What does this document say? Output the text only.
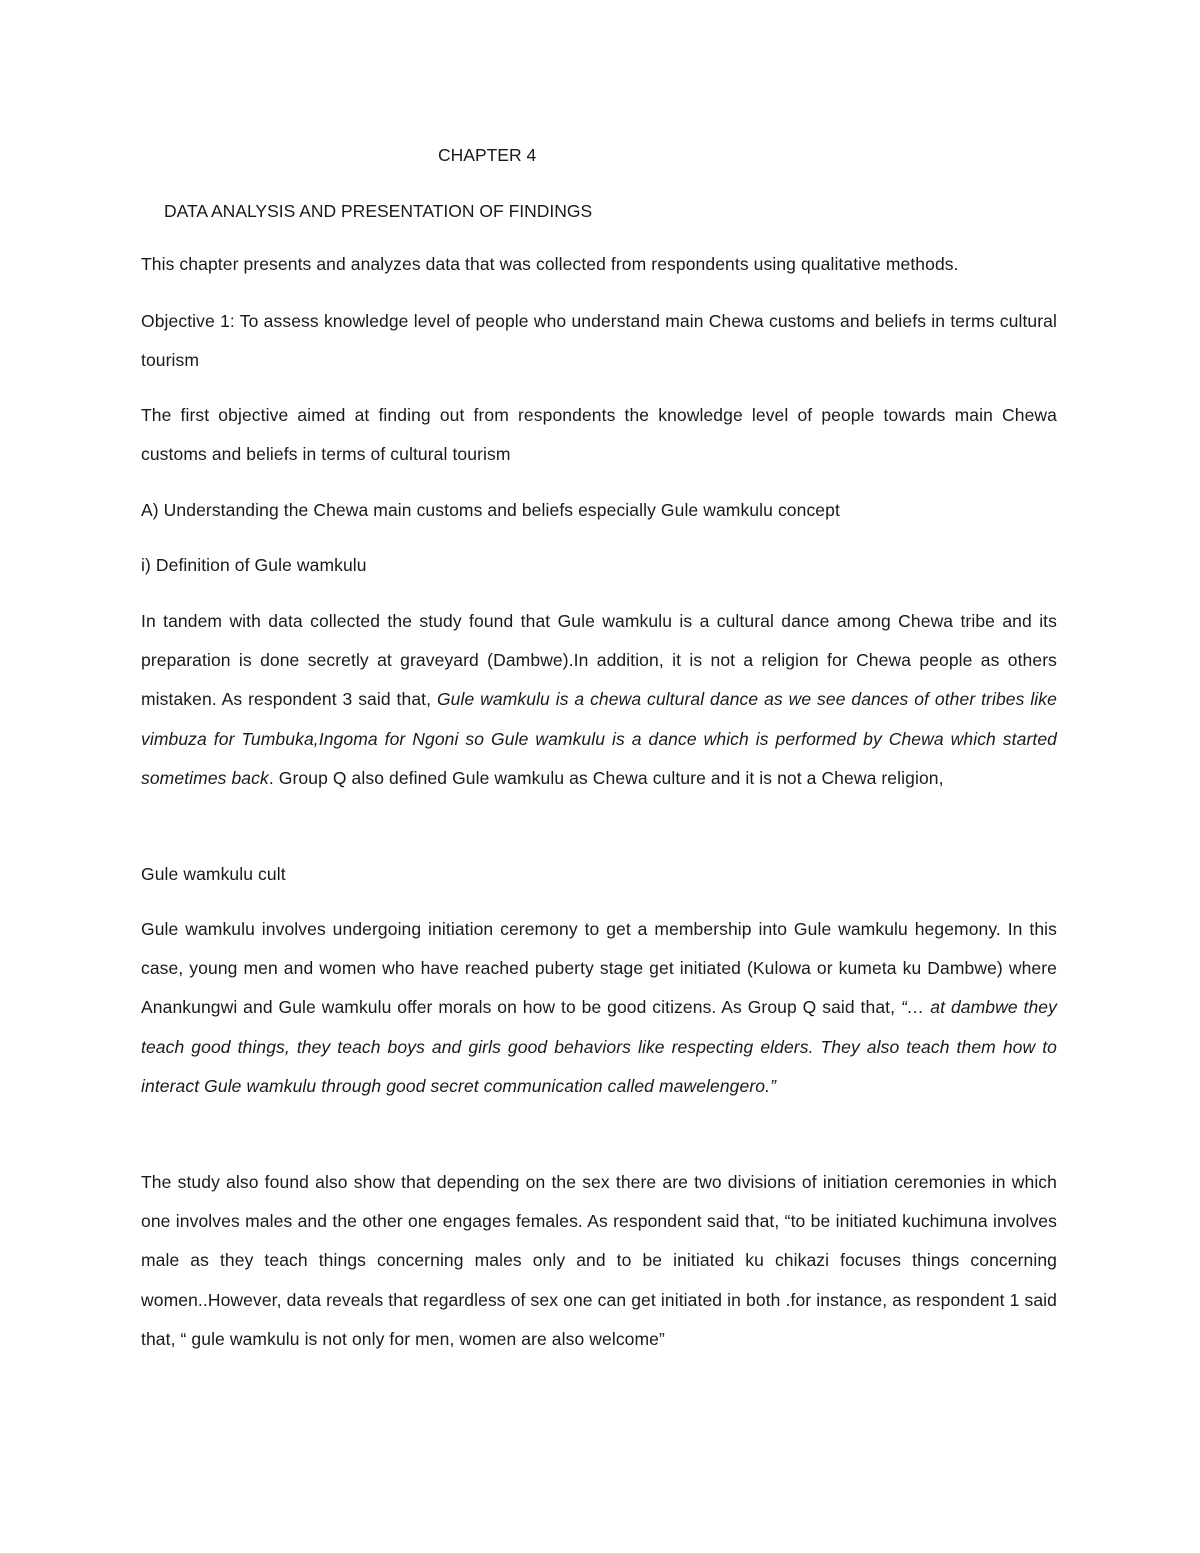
CHAPTER 4

DATA ANALYSIS AND PRESENTATION OF FINDINGS

This chapter presents and analyzes data that was collected from respondents using qualitative methods.

Objective 1: To assess knowledge level of people who understand main Chewa customs and beliefs in terms cultural tourism

The first objective aimed at finding out from respondents the knowledge level of people towards main Chewa customs and beliefs in terms of cultural tourism

A) Understanding the Chewa main customs and beliefs especially Gule wamkulu concept

i) Definition of Gule wamkulu

In tandem with data collected the study found that Gule wamkulu is a cultural dance among Chewa tribe and its preparation is done secretly at graveyard (Dambwe).In addition, it is not a religion for Chewa people as others mistaken. As respondent 3 said that, Gule wamkulu is a chewa cultural dance as we see dances of other tribes like vimbuza for Tumbuka,Ingoma for Ngoni so Gule wamkulu is a dance which is performed by Chewa which started sometimes back. Group Q also defined Gule wamkulu as Chewa culture and it is not a Chewa religion,

Gule wamkulu cult

Gule wamkulu involves undergoing initiation ceremony to get a membership into Gule wamkulu hegemony. In this case, young men and women who have reached puberty stage get initiated (Kulowa or kumeta ku Dambwe) where Anankungwi and Gule wamkulu offer morals on how to be good citizens. As Group Q said that, “… at dambwe they teach good things, they teach boys and girls good behaviors like respecting elders. They also teach them how to interact Gule wamkulu through good secret communication called mawelengero.”

The study also found also show that depending on the sex there are two divisions of initiation ceremonies in which one involves males and the other one engages females. As respondent said that, “to be initiated kuchimuna involves male as they teach things concerning males only and to be initiated ku chikazi focuses things concerning women..However, data reveals that regardless of sex one can get initiated in both .for instance, as respondent 1 said that, “ gule wamkulu is not only for men, women are also welcome”
